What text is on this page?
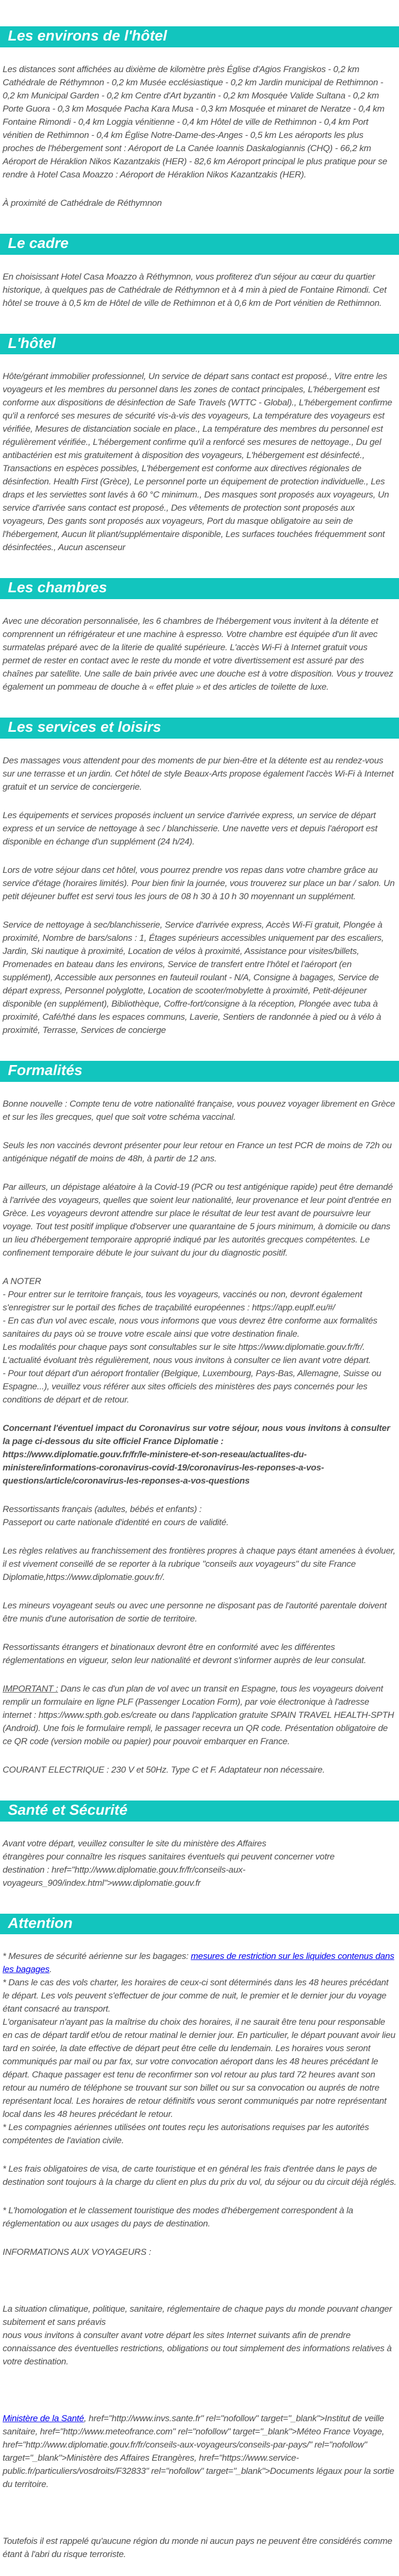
Les environs de l'hôtel

Les distances sont affichées au dixième de kilomètre près Église d'Agios Frangiskos - 0,2 km Cathédrale de Réthymnon - 0,2 km Musée ecclésiastique - 0,2 km Jardin municipal de Rethimnon - 0,2 km Municipal Garden - 0,2 km Centre d'Art byzantin - 0,2 km Mosquée Valide Sultana - 0,2 km Porte Guora - 0,3 km Mosquée Pacha Kara Musa - 0,3 km Mosquée et minaret de Neratze - 0,4 km Fontaine Rimondi - 0,4 km Loggia vénitienne - 0,4 km Hôtel de ville de Rethimnon - 0,4 km Port vénitien de Rethimnon - 0,4 km Église Notre-Dame-des-Anges - 0,5 km Les aéroports les plus proches de l'hébergement sont : Aéroport de La Canée Ioannis Daskalogiannis (CHQ) - 66,2 km Aéroport de Héraklion Nikos Kazantzakis (HER) - 82,6 km Aéroport principal le plus pratique pour se rendre à Hotel Casa Moazzo : Aéroport de Héraklion Nikos Kazantzakis (HER).

À proximité de Cathédrale de Réthymnon

Le cadre

En choisissant Hotel Casa Moazzo à Réthymnon, vous profiterez d'un séjour au cœur du quartier historique, à quelques pas de Cathédrale de Réthymnon et à 4 min à pied de Fontaine Rimondi. Cet hôtel se trouve à 0,5 km de Hôtel de ville de Rethimnon et à 0,6 km de Port vénitien de Rethimnon.

L'hôtel

Hôte/gérant immobilier professionnel, Un service de départ sans contact est proposé., Vitre entre les voyageurs et les membres du personnel dans les zones de contact principales, L'hébergement est conforme aux dispositions de désinfection de Safe Travels (WTTC - Global)., L'hébergement confirme qu'il a renforcé ses mesures de sécurité vis-à-vis des voyageurs, La température des voyageurs est vérifiée, Mesures de distanciation sociale en place., La température des membres du personnel est régulièrement vérifiée., L'hébergement confirme qu'il a renforcé ses mesures de nettoyage., Du gel antibactérien est mis gratuitement à disposition des voyageurs, L'hébergement est désinfecté., Transactions en espèces possibles, L'hébergement est conforme aux directives régionales de désinfection. Health First (Grèce), Le personnel porte un équipement de protection individuelle., Les draps et les serviettes sont lavés à 60 °C minimum., Des masques sont proposés aux voyageurs, Un service d'arrivée sans contact est proposé., Des vêtements de protection sont proposés aux voyageurs, Des gants sont proposés aux voyageurs, Port du masque obligatoire au sein de l'hébergement, Aucun lit pliant/supplémentaire disponible, Les surfaces touchées fréquemment sont désinfectées., Aucun ascenseur

Les chambres

Avec une décoration personnalisée, les 6 chambres de l'hébergement vous invitent à la détente et comprennent un réfrigérateur et une machine à espresso. Votre chambre est équipée d'un lit avec surmatelas préparé avec de la literie de qualité supérieure. L'accès Wi-Fi à Internet gratuit vous permet de rester en contact avec le reste du monde et votre divertissement est assuré par des chaînes par satellite. Une salle de bain privée avec une douche est à votre disposition. Vous y trouvez également un pommeau de douche à « effet pluie » et des articles de toilette de luxe.

Les services et loisirs

Des massages vous attendent pour des moments de pur bien-être et la détente est au rendez-vous sur une terrasse et un jardin. Cet hôtel de style Beaux-Arts propose également l'accès Wi-Fi à Internet gratuit et un service de conciergerie.

Les équipements et services proposés incluent un service d'arrivée express, un service de départ express et un service de nettoyage à sec / blanchisserie. Une navette vers et depuis l'aéroport est disponible en échange d'un supplément (24 h/24).

Lors de votre séjour dans cet hôtel, vous pourrez prendre vos repas dans votre chambre grâce au service d'étage (horaires limités). Pour bien finir la journée, vous trouverez sur place un bar / salon. Un petit déjeuner buffet est servi tous les jours de 08 h 30 à 10 h 30 moyennant un supplément.

Service de nettoyage à sec/blanchisserie, Service d'arrivée express, Accès Wi-Fi gratuit, Plongée à proximité, Nombre de bars/salons : 1, Étages supérieurs accessibles uniquement par des escaliers, Jardin, Ski nautique à proximité, Location de vélos à proximité, Assistance pour visites/billets, Promenades en bateau dans les environs, Service de transfert entre l'hôtel et l'aéroport (en supplément), Accessible aux personnes en fauteuil roulant - N/A, Consigne à bagages, Service de départ express, Personnel polyglotte, Location de scooter/mobylette à proximité, Petit-déjeuner disponible (en supplément), Bibliothèque, Coffre-fort/consigne à la réception, Plongée avec tuba à proximité, Café/thé dans les espaces communs, Laverie, Sentiers de randonnée à pied ou à vélo à proximité, Terrasse, Services de concierge

Formalités

Bonne nouvelle : Compte tenu de votre nationalité française, vous pouvez voyager librement en Grèce et sur les îles grecques, quel que soit votre schéma vaccinal.

Seuls les non vaccinés devront présenter pour leur retour en France un test PCR de moins de 72h ou antigénique négatif de moins de 48h, à partir de 12 ans.

Par ailleurs, un dépistage aléatoire à la Covid-19 (PCR ou test antigénique rapide) peut être demandé à l'arrivée des voyageurs, quelles que soient leur nationalité, leur provenance et leur point d'entrée en Grèce. Les voyageurs devront attendre sur place le résultat de leur test avant de poursuivre leur voyage. Tout test positif implique d'observer une quarantaine de 5 jours minimum, à domicile ou dans un lieu d'hébergement temporaire approprié indiqué par les autorités grecques compétentes. Le confinement temporaire débute le jour suivant du jour du diagnostic positif.

A NOTER
- Pour entrer sur le territoire français, tous les voyageurs, vaccinés ou non, devront également s'enregistrer sur le portail des fiches de traçabilité européennes : https://app.euplf.eu/#/
- En cas d'un vol avec escale, nous vous informons que vous devrez être conforme aux formalités sanitaires du pays où se trouve votre escale ainsi que votre destination finale.
Les modalités pour chaque pays sont consultables sur le site https://www.diplomatie.gouv.fr/fr/. L'actualité évoluant très régulièrement, nous vous invitons à consulter ce lien avant votre départ.
- Pour tout départ d'un aéroport frontalier (Belgique, Luxembourg, Pays-Bas, Allemagne, Suisse ou Espagne...), veuillez vous référer aux sites officiels des ministères des pays concernés pour les conditions de départ et de retour.

Concernant l'éventuel impact du Coronavirus sur votre séjour, nous vous invitons à consulter la page ci-dessous du site officiel France Diplomatie :
https://www.diplomatie.gouv.fr/fr/le-ministere-et-son-reseau/actualites-du-ministere/informations-coronavirus-covid-19/coronavirus-les-reponses-a-vos-questions/article/coronavirus-les-reponses-a-vos-questions

Ressortissants français (adultes, bébés et enfants) :
Passeport ou carte nationale d'identité en cours de validité.

Les règles relatives au franchissement des frontières propres à chaque pays étant amenées à évoluer, il est vivement conseillé de se reporter à la rubrique "conseils aux voyageurs" du site France Diplomatie,https://www.diplomatie.gouv.fr/.

Les mineurs voyageant seuls ou avec une personne ne disposant pas de l'autorité parentale doivent être munis d'une autorisation de sortie de territoire.

Ressortissants étrangers et binationaux devront être en conformité avec les différentes réglementations en vigueur, selon leur nationalité et devront s'informer auprès de leur consulat.

IMPORTANT : Dans le cas d'un plan de vol avec un transit en Espagne, tous les voyageurs doivent remplir un formulaire en ligne PLF (Passenger Location Form), par voie électronique à l'adresse internet : https://www.spth.gob.es/create ou dans l'application gratuite SPAIN TRAVEL HEALTH-SPTH (Android). Une fois le formulaire rempli, le passager recevra un QR code. Présentation obligatoire de ce QR code (version mobile ou papier) pour pouvoir embarquer en France.

COURANT ELECTRIQUE : 230 V et 50Hz. Type C et F. Adaptateur non nécessaire.

Santé et Sécurité

Avant votre départ, veuillez consulter le site du ministère des Affaires
étrangères pour connaître les risques sanitaires éventuels qui peuvent concerner votre
destination : href="http://www.diplomatie.gouv.fr/fr/conseils-aux-voyageurs_909/index.html">www.diplomatie.gouv.fr

Attention

* Mesures de sécurité aérienne sur les bagages: mesures de restriction sur les liquides contenus dans les bagages.
* Dans le cas des vols charter, les horaires de ceux-ci sont déterminés dans les 48 heures précédant le départ. Les vols peuvent s'effectuer de jour comme de nuit, le premier et le dernier jour du voyage étant consacré au transport.
L'organisateur n'ayant pas la maîtrise du choix des horaires, il ne saurait être tenu pour responsable en cas de départ tardif et/ou de retour matinal le dernier jour. En particulier, le départ pouvant avoir lieu tard en soirée, la date effective de départ peut être celle du lendemain. Les horaires vous seront communiqués par mail ou par fax, sur votre convocation aéroport dans les 48 heures précédant le départ. Chaque passager est tenu de reconfirmer son vol retour au plus tard 72 heures avant son retour au numéro de téléphone se trouvant sur son billet ou sur sa convocation ou auprés de notre représentant local. Les horaires de retour définitifs vous seront communiqués par notre représentant local dans les 48 heures précédant le retour.
* Les compagnies aériennes utilisées ont toutes reçu les autorisations requises par les autorités compétentes de l'aviation civile.

* Les frais obligatoires de visa, de carte touristique et en général les frais d'entrée dans le pays de destination sont toujours à la charge du client en plus du prix du vol, du séjour ou du circuit déjà réglés.

* L'homologation et le classement touristique des modes d'hébergement correspondent à la réglementation ou aux usages du pays de destination.

INFORMATIONS AUX VOYAGEURS :

La situation climatique, politique, sanitaire, réglementaire de chaque pays du monde pouvant changer subitement et sans préavis
nous vous invitons à consulter avant votre départ les sites Internet suivants afin de prendre connaissance des éventuelles restrictions, obligations ou tout simplement des informations relatives à votre destination.

Ministère de la Santé, href="http://www.invs.sante.fr" rel="nofollow" target="_blank">Institut de veille sanitaire, href="http://www.meteofrance.com" rel="nofollow" target="_blank">Méteo France Voyage, href="http://www.diplomatie.gouv.fr/fr/conseils-aux-voyageurs/conseils-par-pays/" rel="nofollow" target="_blank">Ministère des Affaires Etrangères, href="https://www.service-public.fr/particuliers/vosdroits/F32833" rel="nofollow" target="_blank">Documents légaux pour la sortie du territoire.

Toutefois il est rappelé qu'aucune région du monde ni aucun pays ne peuvent être considérés comme étant à l'abri du risque terroriste.
